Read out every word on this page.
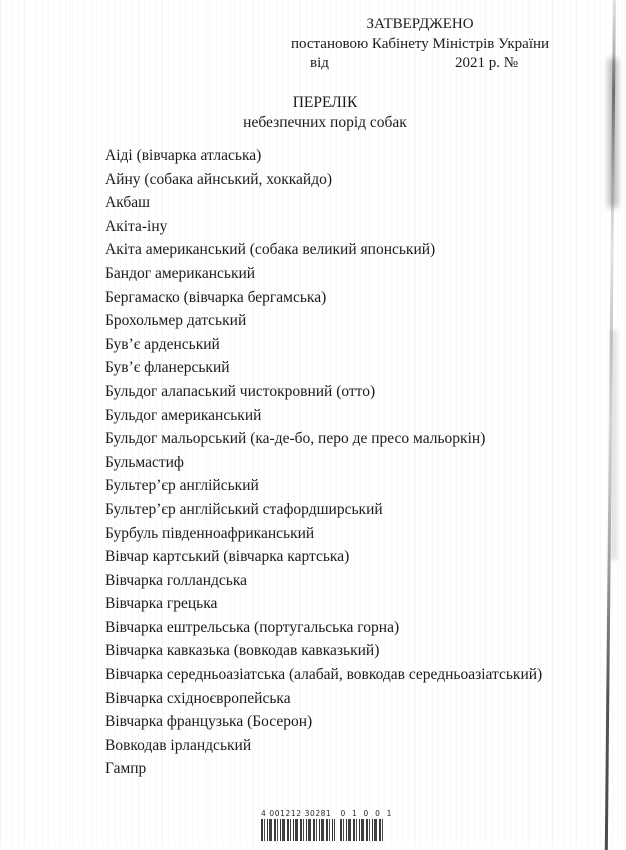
ЗАТВЕРДЖЕНО
постановою Кабінету Міністрів України
від	2021 р. №
ПЕРЕЛІК
небезпечних порід собак
Аіді (вівчарка атласька)
Айну (собака айнський, хоккайдо)
Акбаш
Акіта-іну
Акіта американський (собака великий японський)
Бандог американський
Бергамаско (вівчарка бергамська)
Брохольмер датський
Був’є арденський
Був’є фланерський
Бульдог алапаський чистокровний (отто)
Бульдог американський
Бульдог мальорський (ка-де-бо, перо де пресо мальоркін)
Бульмастиф
Бультер’єр англійський
Бультер’єр англійський стафордширський
Бурбуль південноафриканський
Вівчар картський (вівчарка картська)
Вівчарка голландська
Вівчарка грецька
Вівчарка ештрельська (португальська горна)
Вівчарка кавказька (вовкодав кавказький)
Вівчарка середньоазіатська (алабай, вовкодав середньоазіатський)
Вівчарка східноєвропейська
Вівчарка французька (Босерон)
Вовкодав ірландський
Гампр
4 001212 30281 0 1 0 0 1
